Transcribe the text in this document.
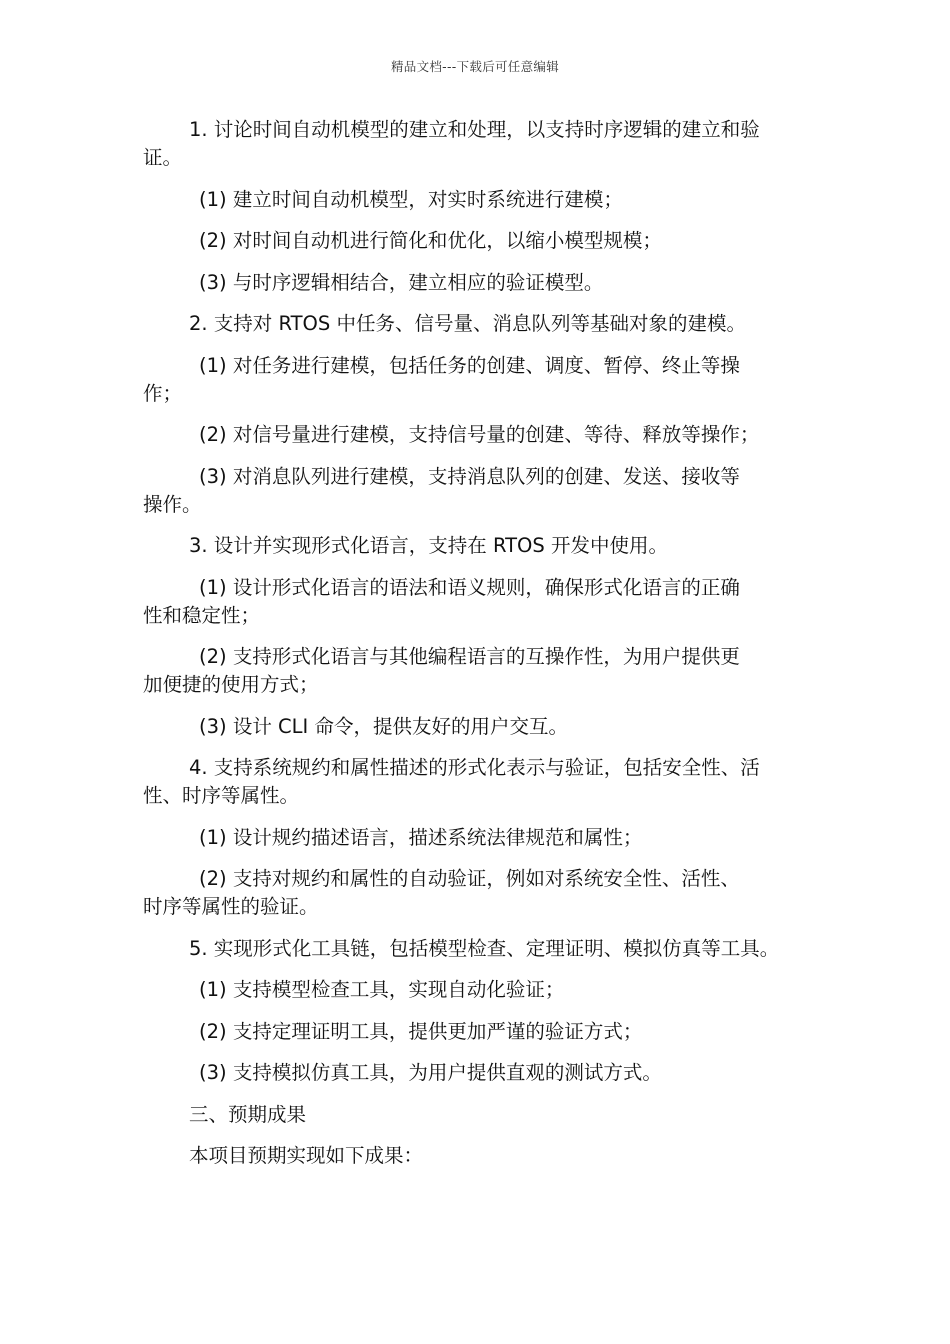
精品文档---下载后可任意编辑
1. 讨论时间自动机模型的建立和处理，以支持时序逻辑的建立和验
证。
(1) 建立时间自动机模型，对实时系统进行建模；
(2) 对时间自动机进行简化和优化，以缩小模型规模；
(3) 与时序逻辑相结合，建立相应的验证模型。
2. 支持对 RTOS 中任务、信号量、消息队列等基础对象的建模。
(1) 对任务进行建模，包括任务的创建、调度、暂停、终止等操
作；
(2) 对信号量进行建模，支持信号量的创建、等待、释放等操作；
(3) 对消息队列进行建模，支持消息队列的创建、发送、接收等
操作。
3. 设计并实现形式化语言，支持在 RTOS 开发中使用。
(1) 设计形式化语言的语法和语义规则，确保形式化语言的正确
性和稳定性；
(2) 支持形式化语言与其他编程语言的互操作性，为用户提供更
加便捷的使用方式；
(3) 设计 CLI 命令，提供友好的用户交互。
4. 支持系统规约和属性描述的形式化表示与验证，包括安全性、活
性、时序等属性。
(1) 设计规约描述语言，描述系统法律规范和属性；
(2) 支持对规约和属性的自动验证，例如对系统安全性、活性、
时序等属性的验证。
5. 实现形式化工具链，包括模型检查、定理证明、模拟仿真等工具。
(1) 支持模型检查工具，实现自动化验证；
(2) 支持定理证明工具，提供更加严谨的验证方式；
(3) 支持模拟仿真工具，为用户提供直观的测试方式。
三、预期成果
本项目预期实现如下成果：
